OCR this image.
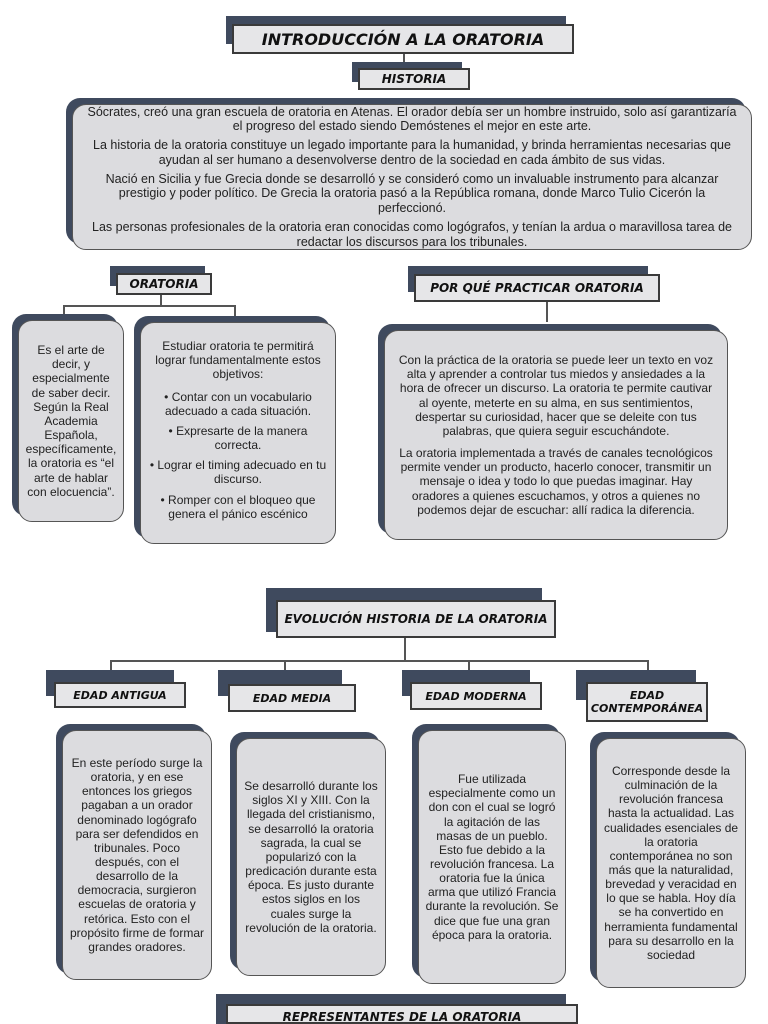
INTRODUCCIÓN A LA ORATORIA
HISTORIA

Sócrates, creó una gran escuela de oratoria en Atenas. El orador debía ser un hombre instruido, solo así garantizaría el progreso del estado siendo Demóstenes el mejor en este arte.

La historia de la oratoria constituye un legado importante para la humanidad, y brinda herramientas necesarias que ayudan al ser humano a desenvolverse dentro de la sociedad en cada ámbito de sus vidas.

Nació en Sicilia y fue Grecia donde se desarrolló y se consideró como un invaluable instrumento para alcanzar prestigio y poder político. De Grecia la oratoria pasó a la República romana, donde Marco Tulio Cicerón la perfeccionó.

Las personas profesionales de la oratoria eran conocidas como logógrafos, y tenían la ardua o maravillosa tarea de redactar los discursos para los tribunales.

ORATORIA

Es el arte de decir, y especialmente de saber decir. Según la Real Academia Española, específicamente, la oratoria es “el arte de hablar con elocuencia”.

Estudiar oratoria te permitirá lograr fundamentalmente estos objetivos:

• Contar con un vocabulario adecuado a cada situación.
• Expresarte de la manera correcta.
• Lograr el timing adecuado en tu discurso.
• Romper con el bloqueo que genera el pánico escénico
POR QUÉ PRACTICAR ORATORIA

Con la práctica de la oratoria se puede leer un texto en voz alta y aprender a controlar tus miedos y ansiedades a la hora de ofrecer un discurso. La oratoria te permite cautivar al oyente, meterte en su alma, en sus sentimientos, despertar su curiosidad, hacer que se deleite con tus palabras, que quiera seguir escuchándote.

La oratoria implementada a través de canales tecnológicos permite vender un producto, hacerlo conocer, transmitir un mensaje o idea y todo lo que puedas imaginar. Hay oradores a quienes escuchamos, y otros a quienes no podemos dejar de escuchar: allí radica la diferencia.

EVOLUCIÓN HISTORIA DE LA ORATORIA
EDAD ANTIGUA	EDAD MEDIA	EDAD MODERNA	EDAD CONTEMPORÁNEA

En este período surge la oratoria, y en ese entonces los griegos pagaban a un orador denominado logógrafo para ser defendidos en tribunales. Poco después, con el desarrollo de la democracia, surgieron escuelas de oratoria y retórica. Esto con el propósito firme de formar grandes oradores.

Se desarrolló durante los siglos XI y XIII. Con la llegada del cristianismo, se desarrolló la oratoria sagrada, la cual se popularizó con la predicación durante esta época. Es justo durante estos siglos en los cuales surge la revolución de la oratoria.

Fue utilizada especialmente como un don con el cual se logró la agitación de las masas de un pueblo. Esto fue debido a la revolución francesa. La oratoria fue la única arma que utilizó Francia durante la revolución. Se dice que fue una gran época para la oratoria.

Corresponde desde la culminación de la revolución francesa hasta la actualidad. Las cualidades esenciales de la oratoria contemporánea no son más que la naturalidad, brevedad y veracidad en lo que se habla. Hoy día se ha convertido en herramienta fundamental para su desarrollo en la sociedad

REPRESENTANTES DE LA ORATORIA
